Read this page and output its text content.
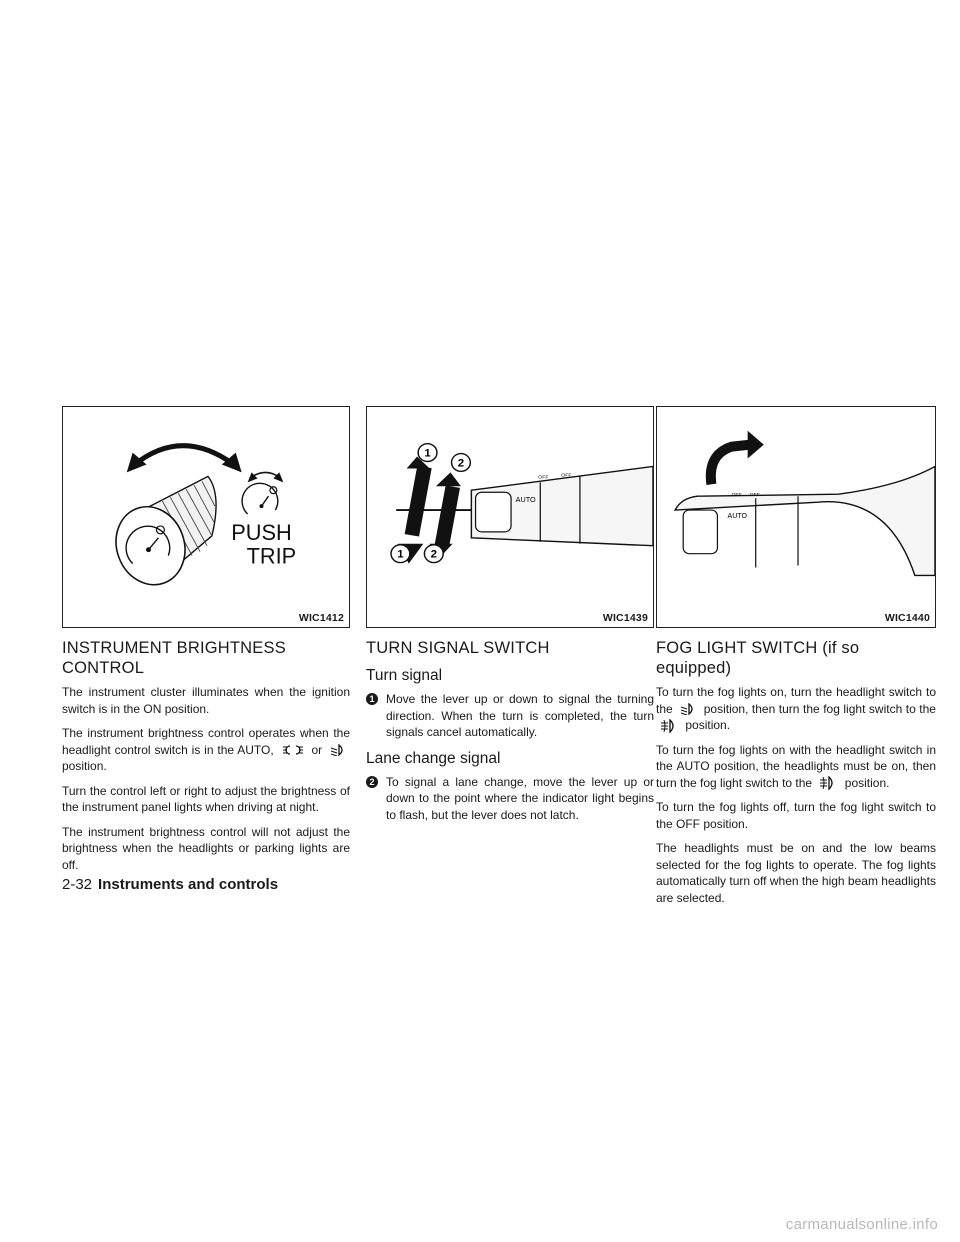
PUSH
TRIP
WIC1412
INSTRUMENT BRIGHTNESS CONTROL

The instrument cluster illuminates when the ignition switch is in the ON position.

The instrument brightness control operates when the headlight control switch is in the AUTO,	or  position.

Turn the control left or right to adjust the brightness of the instrument panel lights when driving at night.

The instrument brightness control will not adjust the brightness when the headlights or parking lights are off.

1
2
1 2
AUTO
OFF	OFF
WIC1439
TURN SIGNAL SWITCH
Turn signal
1 Move the lever up or down to signal the turning direction. When the turn is completed, the turn signals cancel automatically.

Lane change signal
2 To signal a lane change, move the lever up or down to the point where the indicator light begins to flash, but the lever does not latch.

AUTO
OFF
OFF
WIC1440
FOG LIGHT SWITCH (if so equipped)

To turn the fog lights on, turn the headlight switch to the	position, then turn the fog light switch to the  position.

To turn the fog lights on with the headlight switch in the AUTO position, the headlights must be on, then turn the fog light switch to the	position.

To turn the fog lights off, turn the fog light switch to the OFF position.

The headlights must be on and the low beams selected for the fog lights to operate. The fog lights automatically turn off when the high beam headlights are selected.

2-32 Instruments and controls
carmanualsonline.info
